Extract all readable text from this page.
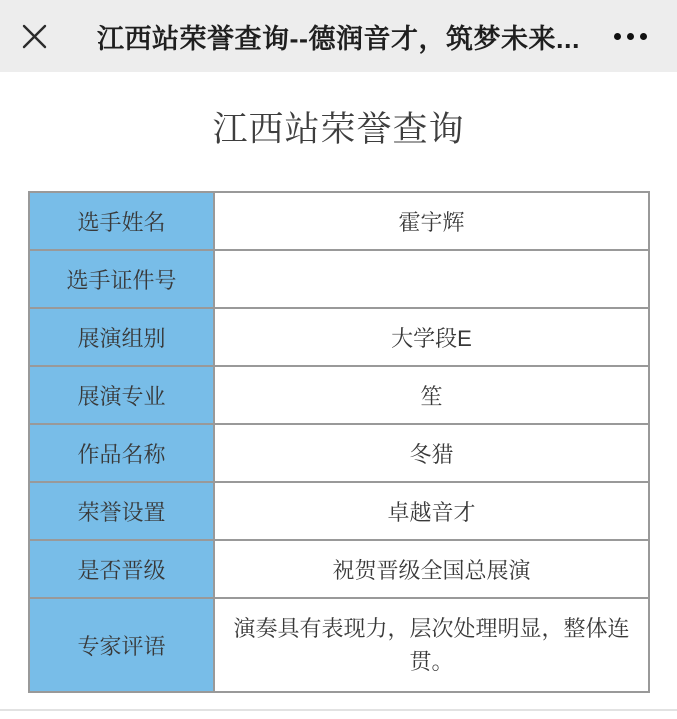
江西站荣誉查询--德润音才，筑梦未来...
江西站荣誉查询
选手姓名	霍宇辉
选手证件号	
展演组别	大学段E
展演专业	笙
作品名称	冬猎
荣誉设置	卓越音才
是否晋级	祝贺晋级全国总展演
专家评语	演奏具有表现力，层次处理明显，整体连贯。
